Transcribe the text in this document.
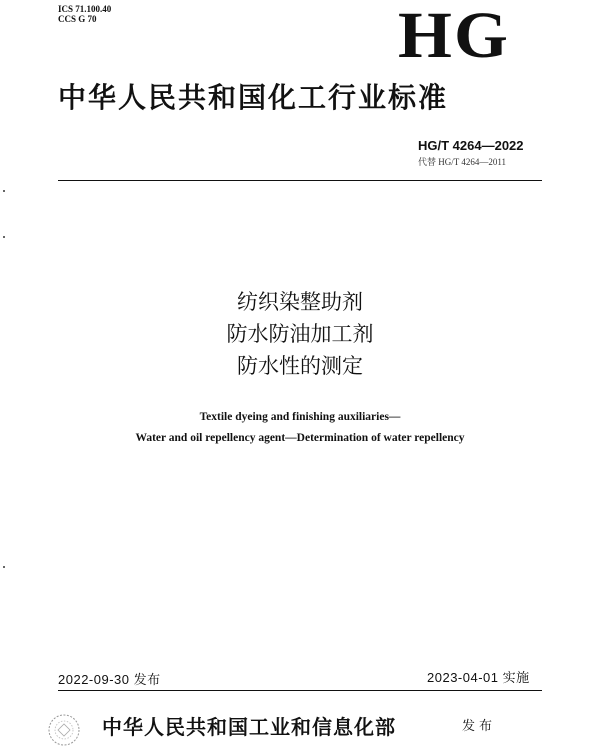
ICS 71.100.40
CCS G 70	HG
中华人民共和国化工行业标准
HG/T 4264—2022
代替 HG/T 4264—2011
纺织染整助剂
防水防油加工剂
防水性的测定
Textile dyeing and finishing auxiliaries—
Water and oil repellency agent—Determination of water repellency
2022-09-30 发布	2023-04-01 实施
中华人民共和国工业和信息化部	发布
